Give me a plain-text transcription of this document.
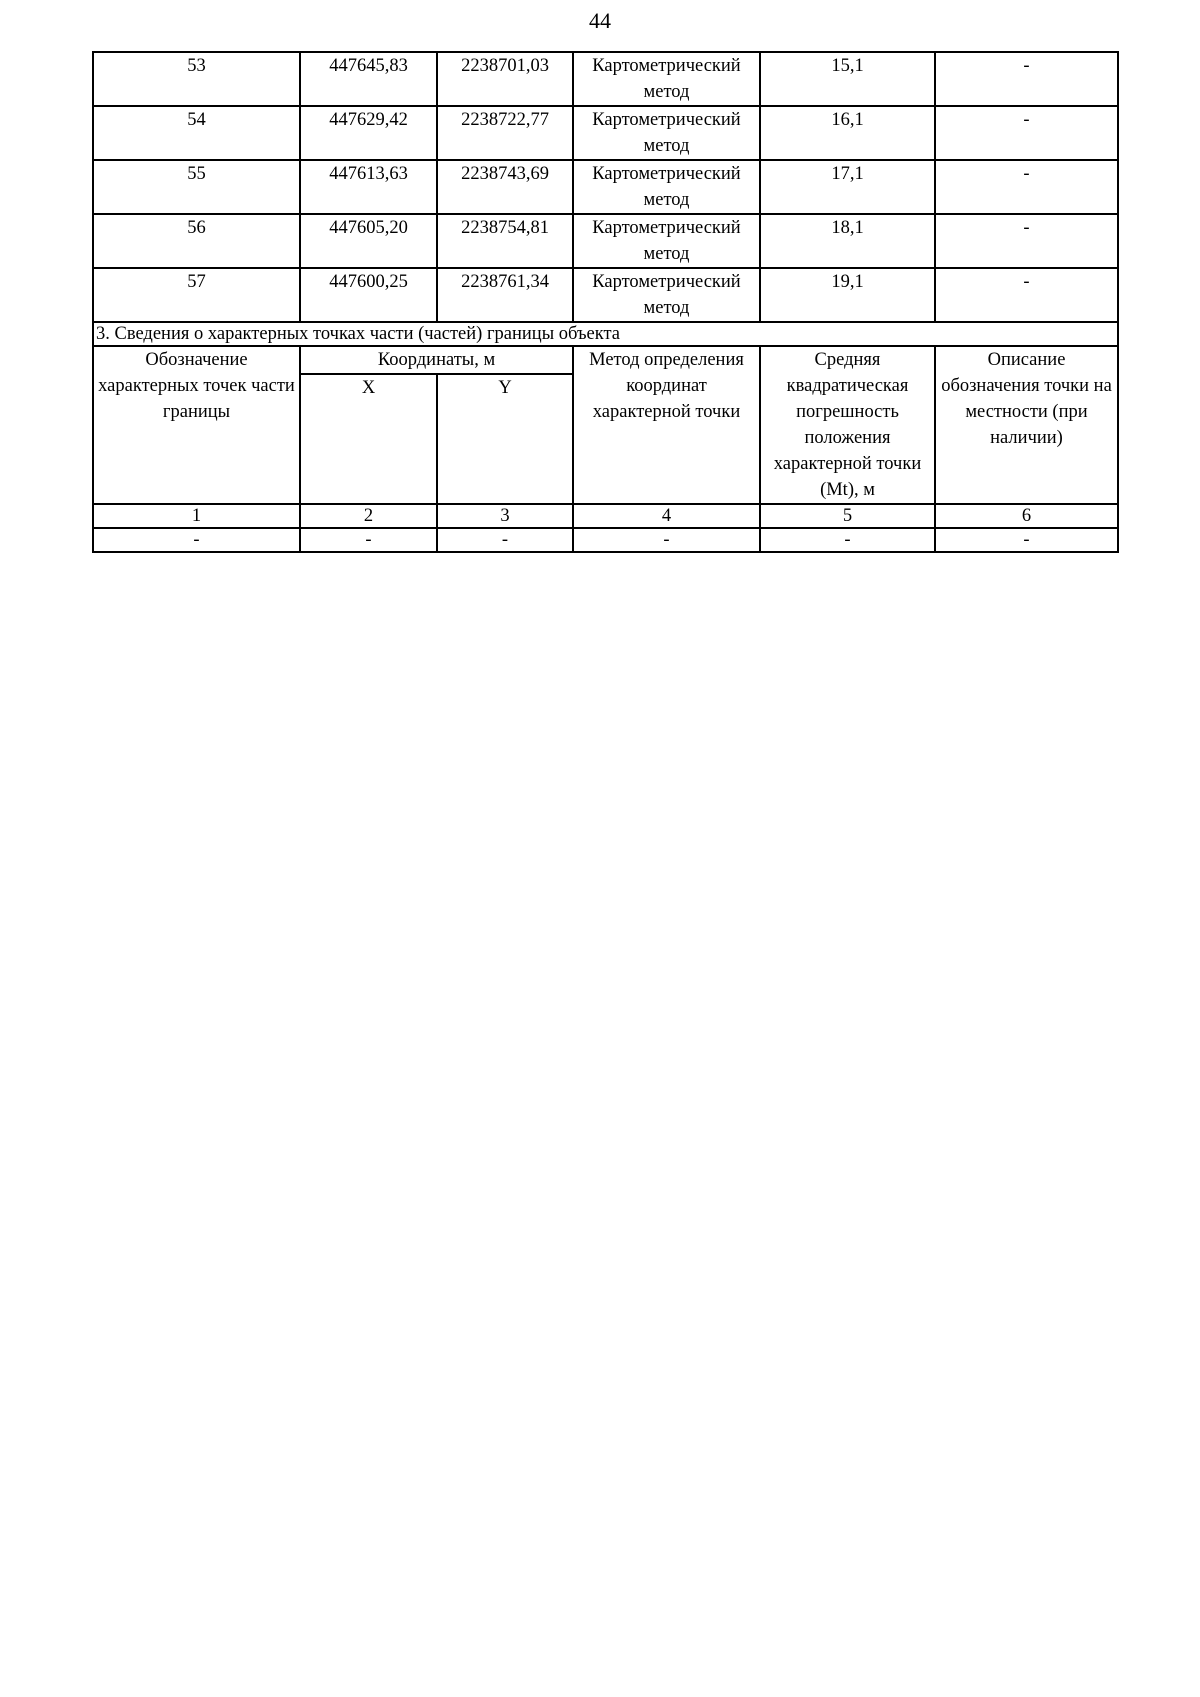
44
53	447645,83	2238701,03	Картометрический метод	15,1	-
54	447629,42	2238722,77	Картометрический метод	16,1	-
55	447613,63	2238743,69	Картометрический метод	17,1	-
56	447605,20	2238754,81	Картометрический метод	18,1	-
57	447600,25	2238761,34	Картометрический метод	19,1	-
3. Сведения о характерных точках части (частей) границы объекта					
Обозначение характерных точек части границы	Координаты, м		Метод определения координат характерной точки	Средняя квадратическая погрешность положения характерной точки (Mt), м	Описание обозначения точки на местности (при наличии)
	X	Y			
1	2	3	4	5	6
-	-	-	-	-	-
